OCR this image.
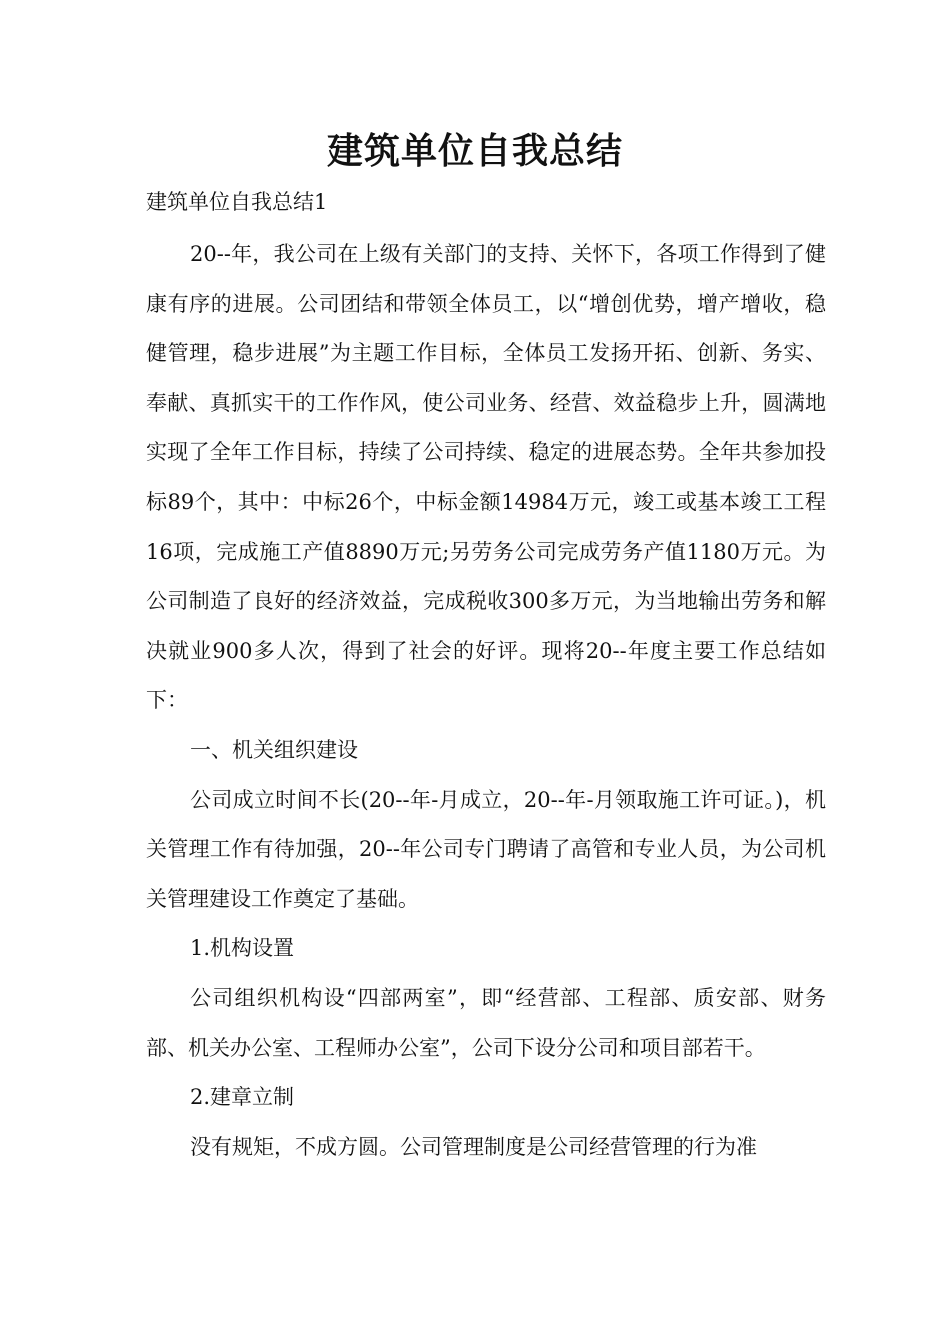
建筑单位自我总结

建筑单位自我总结1

20--年，我公司在上级有关部门的支持、关怀下，各项工作得到了健康有序的进展。公司团结和带领全体员工，以“增创优势，增产增收，稳健管理，稳步进展”为主题工作目标，全体员工发扬开拓、创新、务实、奉献、真抓实干的工作作风，使公司业务、经营、效益稳步上升，圆满地实现了全年工作目标，持续了公司持续、稳定的进展态势。全年共参加投标89个，其中：中标26个，中标金额14984万元，竣工或基本竣工工程16项，完成施工产值8890万元;另劳务公司完成劳务产值1180万元。为公司制造了良好的经济效益，完成税收300多万元，为当地输出劳务和解决就业900多人次，得到了社会的好评。现将20--年度主要工作总结如下：

一、机关组织建设

公司成立时间不长(20--年-月成立，20--年-月领取施工许可证。)，机关管理工作有待加强，20--年公司专门聘请了高管和专业人员，为公司机关管理建设工作奠定了基础。

1.机构设置

公司组织机构设“四部两室”，即“经营部、工程部、质安部、财务部、机关办公室、工程师办公室”，公司下设分公司和项目部若干。

2.建章立制

没有规矩，不成方圆。公司管理制度是公司经营管理的行为准
